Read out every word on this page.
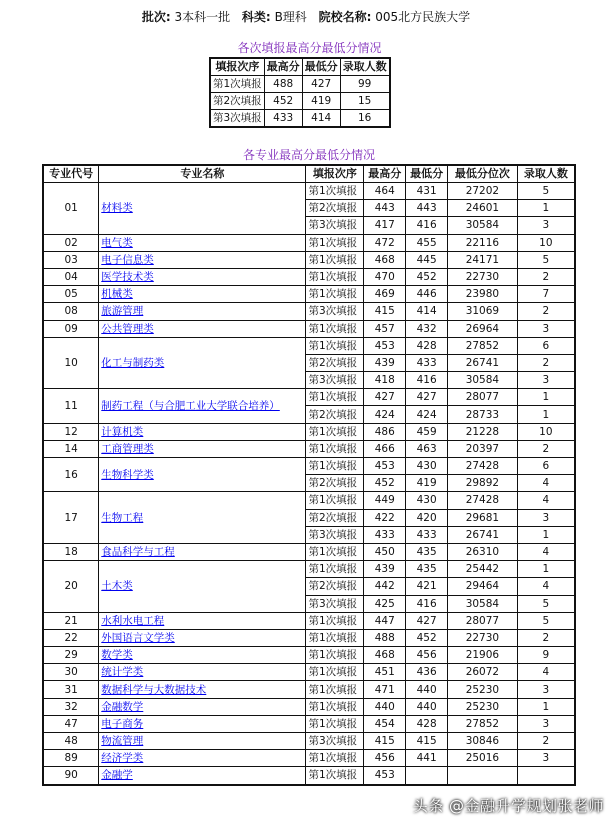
批次: 3本科一批 科类: B理科 院校名称: 005北方民族大学
各次填报最高分最低分情况
填报次序	最高分	最低分	录取人数
第1次填报	488	427	99
第2次填报	452	419	15
第3次填报	433	414	16
各专业最高分最低分情况
专业代号	专业名称	填报次序	最高分	最低分	最低分位次	录取人数
01	材料类	第1次填报	464	431	27202	5
		第2次填报	443	443	24601	1
		第3次填报	417	416	30584	3
02	电气类	第1次填报	472	455	22116	10
03	电子信息类	第1次填报	468	445	24171	5
04	医学技术类	第1次填报	470	452	22730	2
05	机械类	第1次填报	469	446	23980	7
08	旅游管理	第3次填报	415	414	31069	2
09	公共管理类	第1次填报	457	432	26964	3
10	化工与制药类	第1次填报	453	428	27852	6
		第2次填报	439	433	26741	2
		第3次填报	418	416	30584	3
11	制药工程（与合肥工业大学联合培养）	第1次填报	427	427	28077	1
		第2次填报	424	424	28733	1
12	计算机类	第1次填报	486	459	21228	10
14	工商管理类	第1次填报	466	463	20397	2
16	生物科学类	第1次填报	453	430	27428	6
		第2次填报	452	419	29892	4
17	生物工程	第1次填报	449	430	27428	4
		第2次填报	422	420	29681	3
		第3次填报	433	433	26741	1
18	食品科学与工程	第1次填报	450	435	26310	4
20	土木类	第1次填报	439	435	25442	1
		第2次填报	442	421	29464	4
		第3次填报	425	416	30584	5
21	水利水电工程	第1次填报	447	427	28077	5
22	外国语言文学类	第1次填报	488	452	22730	2
29	数学类	第1次填报	468	456	21906	9
30	统计学类	第1次填报	451	436	26072	4
31	数据科学与大数据技术	第1次填报	471	440	25230	3
32	金融数学	第1次填报	440	440	25230	1
47	电子商务	第1次填报	454	428	27852	3
48	物流管理	第3次填报	415	415	30846	2
89	经济学类	第1次填报	456	441	25016	3
90	金融学	第1次填报	453			
头条 @金融升学规划张老师
